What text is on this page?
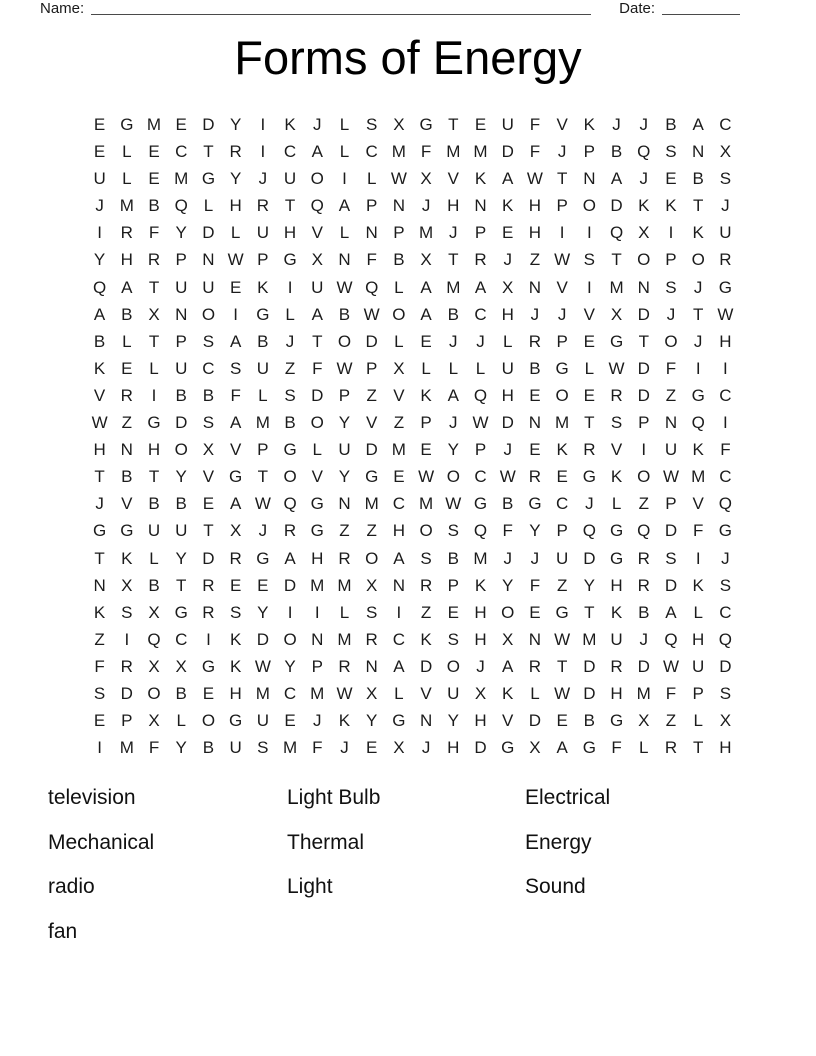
Name:	Date:
Forms of Energy
E G M E D Y	I	K	J	L S X G T E U F V K	J	J	B A C
E L E C T R	I	C A L C M F M M D F	J	P B Q S N X
U L E M G Y	J U O	I	L W X V K A W T N A	J	E B S
J M B Q L H R T Q A P N J H N K H P O D K K T	J
I	R F Y D L U H V L N P M J	P E H	I	I	Q X	I	K U
Y H R P N W P G X N F B X T R J	Z W S T O P O R
Q A T U U E K	I	U W Q L A M A X N V	I	M N S	J G
A B X N O	I	G L A B W O A B C H J	J	V X D J	T W
B L	T P S A B	J	T O D L E	J	J	L R P E G T O J H
K E L U C S U Z F W P X L	L	L U B G L W D F	I	I
V R	I	B B F	L S D P Z V K A Q H E O E R D Z G C
W Z G D S A M B O Y V Z P	J W D N M T S P N Q	I
H N H O X V P G L U D M E Y P	J	E K R V	I	U K F
T B T Y V G T O V Y G E W O C W R E G K O W M C
J	V B B E A W Q G N M C M W G B G C J	L	Z P V Q
G G U U T X	J R G Z Z H O S Q F Y P Q G Q D F G
T K L Y D R G A H R O A S B M J	J U D G R S	I	J
N X B T R E E D M M X N R P K Y F Z Y H R D K S
K S X G R S Y	I	I	L S	I	Z E H O E G T K B A L C
Z	I	Q C	I	K D O N M R C K S H X N W M U J Q H Q
F R X X G K W Y P R N A D O J	A R T D R D W U D
S D O B E H M C M W X L V U X K L W D H M F P S
E P X L O G U E	J	K Y G N Y H V D E B G X Z	L X
I	M F Y B U S M F	J	E X	J H D G X A G F	L R T H
television
Mechanical
radio
fan
Light Bulb
Thermal
Light
Electrical
Energy
Sound
